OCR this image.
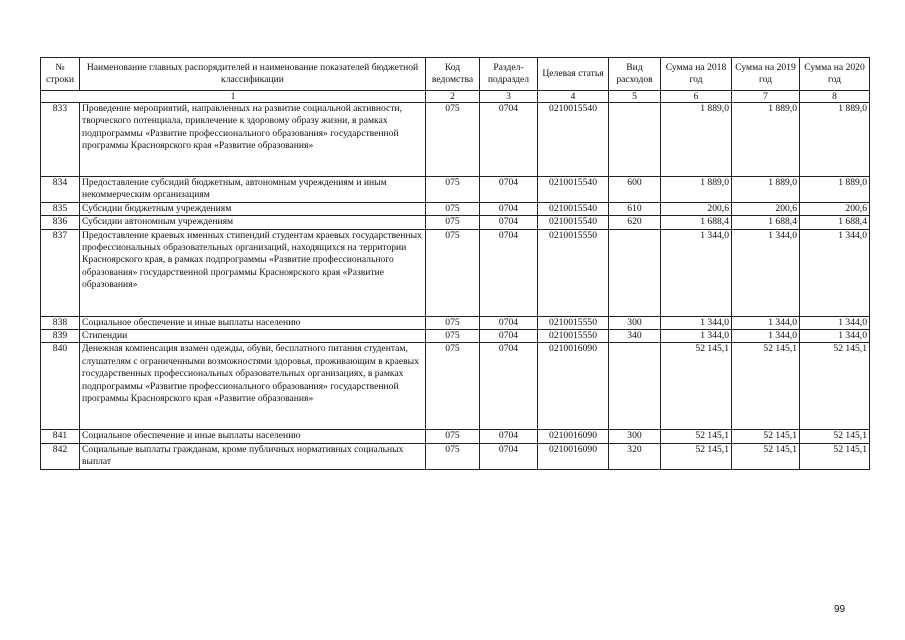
№ строки	Наименование главных распорядителей и наименование показателей бюджетной классификации	Код ведомства	Раздел-подраздел	Целевая статья	Вид расходов	Сумма на 2018 год	Сумма на 2019 год	Сумма на 2020 год
1		2	3	4	5	6	7	8
833	Проведение мероприятий, направленных на развитие социальной активности, творческого потенциала, привлечение к здоровому образу жизни, в рамках подпрограммы «Развитие профессионального образования» государственной программы Красноярского края «Развитие образования»	075	0704	0210015540		1 889,0	1 889,0	1 889,0
834	Предоставление субсидий бюджетным, автономным учреждениям и иным некоммерческим организациям	075	0704	0210015540	600	1 889,0	1 889,0	1 889,0
835	Субсидии бюджетным учреждениям	075	0704	0210015540	610	200,6	200,6	200,6
836	Субсидии автономным учреждениям	075	0704	0210015540	620	1 688,4	1 688,4	1 688,4
837	Предоставление краевых именных стипендий студентам краевых государственных профессиональных образовательных организаций, находящихся на территории Красноярского края, в рамках подпрограммы «Развитие профессионального образования» государственной программы Красноярского края «Развитие образования»	075	0704	0210015550		1 344,0	1 344,0	1 344,0
838	Социальное обеспечение и иные выплаты населению	075	0704	0210015550	300	1 344,0	1 344,0	1 344,0
839	Стипендии	075	0704	0210015550	340	1 344,0	1 344,0	1 344,0
840	Денежная компенсация взамен одежды, обуви, бесплатного питания студентам, слушателям с ограниченными возможностями здоровья, проживающим в краевых государственных профессиональных образовательных организациях, в рамках подпрограммы «Развитие профессионального образования» государственной программы Красноярского края «Развитие образования»	075	0704	0210016090		52 145,1	52 145,1	52 145,1
841	Социальное обеспечение и иные выплаты населению	075	0704	0210016090	300	52 145,1	52 145,1	52 145,1
842	Социальные выплаты гражданам, кроме публичных нормативных социальных выплат	075	0704	0210016090	320	52 145,1	52 145,1	52 145,1
99
